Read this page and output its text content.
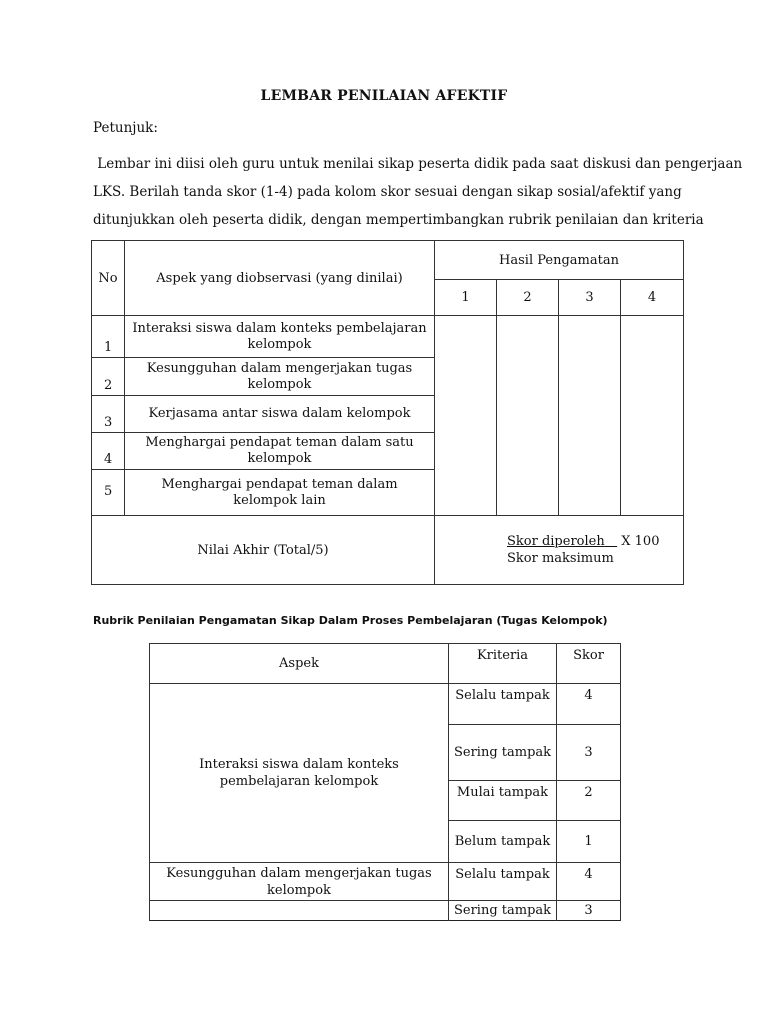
LEMBAR PENILAIAN AFEKTIF
Petunjuk:
Lembar ini diisi oleh guru untuk menilai sikap peserta didik pada saat diskusi dan pengerjaan
LKS. Berilah tanda skor (1-4) pada kolom skor sesuai dengan sikap sosial/afektif yang
ditunjukkan oleh peserta didik, dengan mempertimbangkan rubrik penilaian dan kriteria
No	Aspek yang diobservasi (yang dinilai)	Hasil Pengamatan			
		1	2	3	4
1	Interaksi siswa dalam konteks pembelajaran kelompok				
2	Kesungguhan dalam mengerjakan tugas kelompok				
3	Kerjasama antar siswa dalam kelompok				
4	Menghargai pendapat teman dalam satu kelompok				
5	Menghargai pendapat teman dalam kelompok lain				
Nilai Akhir (Total/5)		Skor diperoleh X 100
Skor maksimum			
Rubrik Penilaian Pengamatan Sikap Dalam Proses Pembelajaran (Tugas Kelompok)
Aspek	Kriteria	Skor
Interaksi siswa dalam konteks pembelajaran kelompok	Selalu tampak	4
	Sering tampak	3
	Mulai tampak	2
	Belum tampak	1
Kesungguhan dalam mengerjakan tugas kelompok	Selalu tampak	4
	Sering tampak	3
